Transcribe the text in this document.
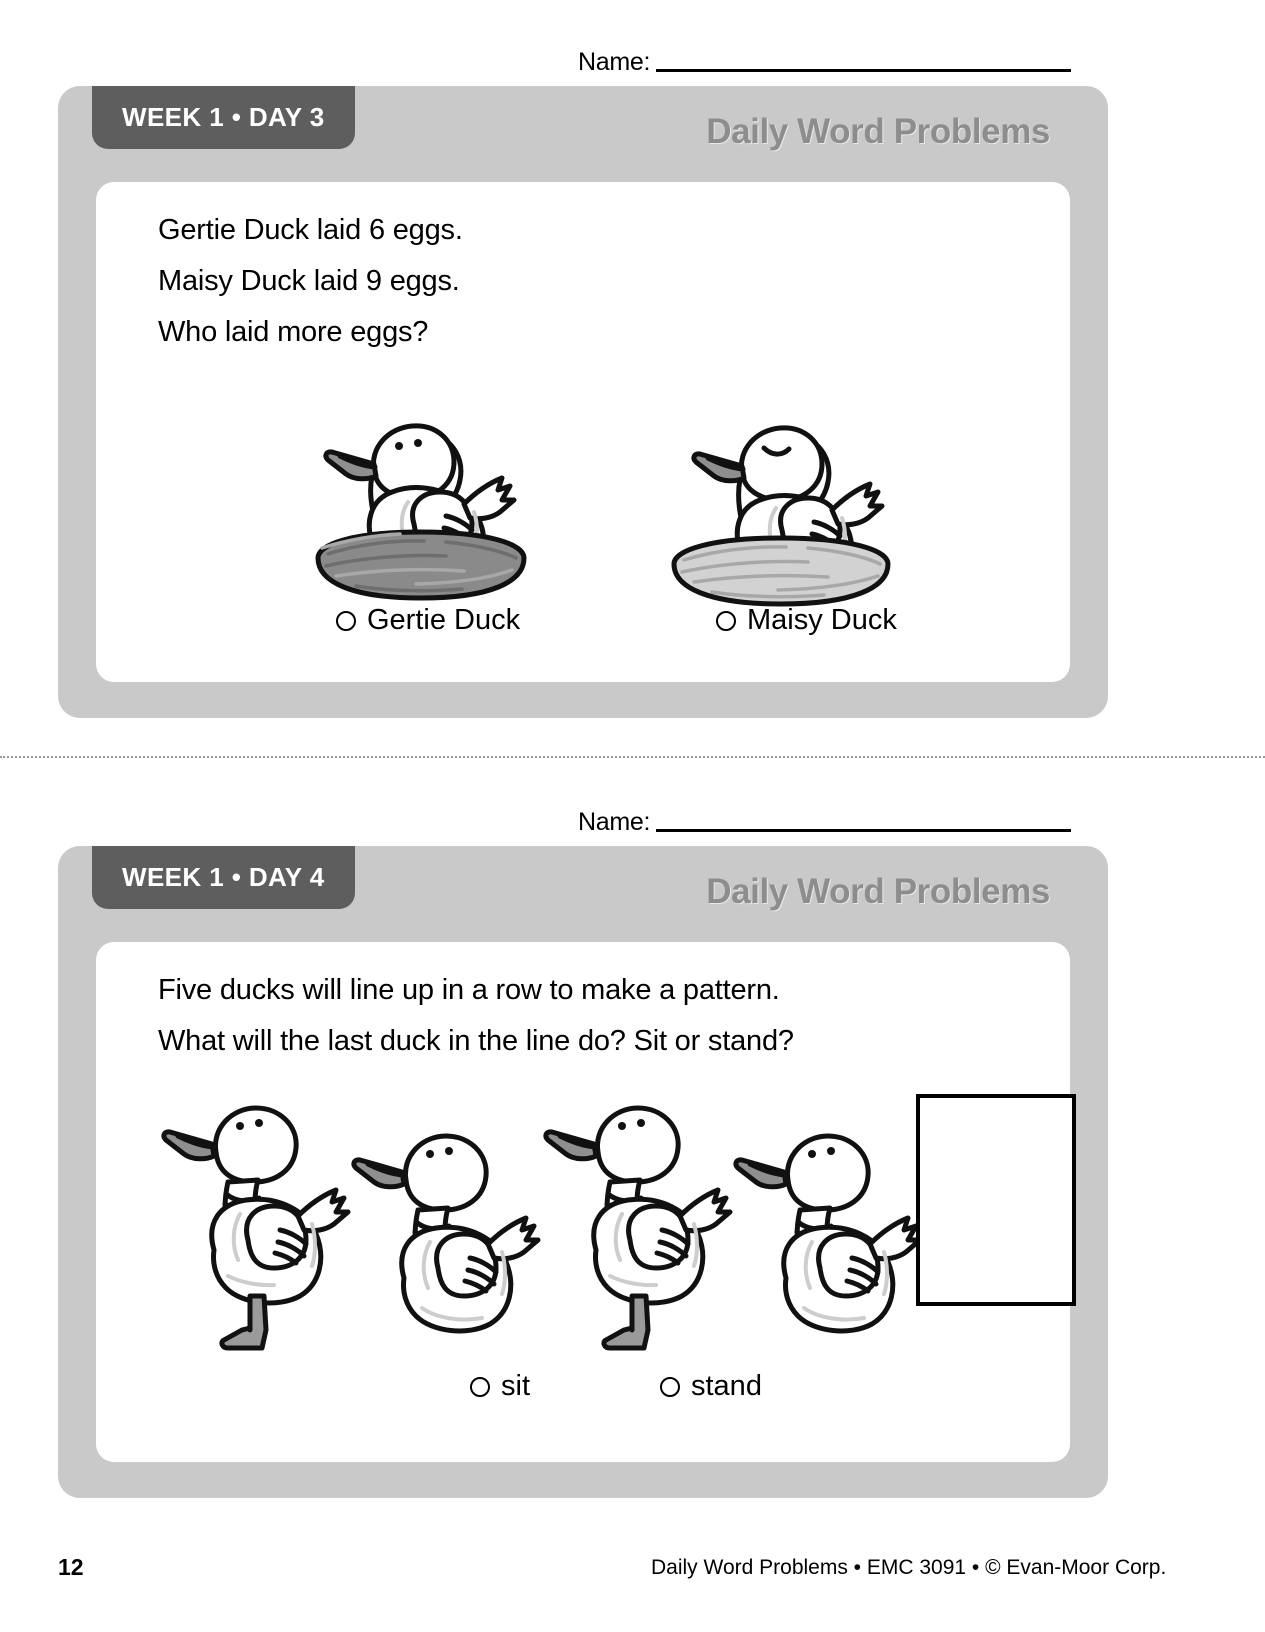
Name:
WEEK 1 • DAY 3	Daily Word Problems
Gertie Duck laid 6 eggs.
Maisy Duck laid 9 eggs.
Who laid more eggs?
Gertie Duck	Maisy Duck
Name:
WEEK 1 • DAY 4	Daily Word Problems
Five ducks will line up in a row to make a pattern.
What will the last duck in the line do? Sit or stand?
sit	stand
12	Daily Word Problems • EMC 3091 • © Evan-Moor Corp.
